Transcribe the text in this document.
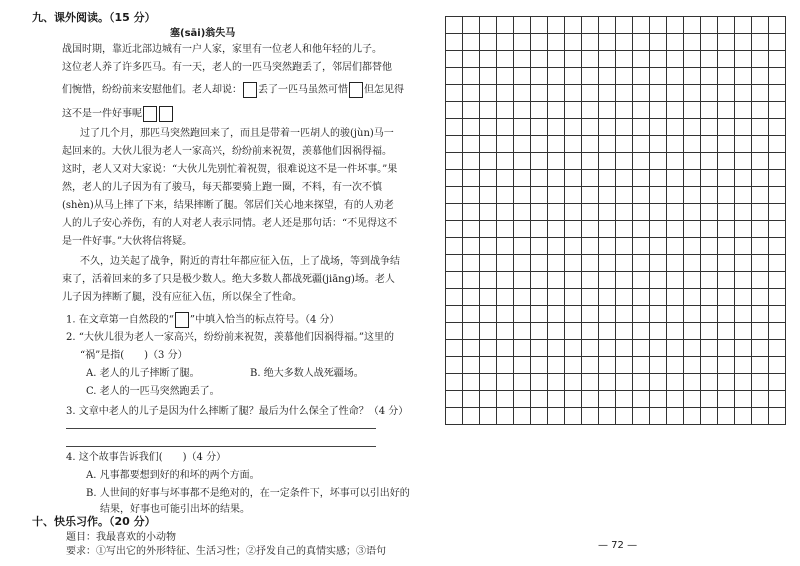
九、课外阅读。（15 分）
塞(sāi)翁失马
战国时期，靠近北部边城有一户人家，家里有一位老人和他年轻的儿子。
这位老人养了许多匹马。有一天，老人的一匹马突然跑丢了，邻居们都替他
们惋惜，纷纷前来安慰他们。老人却说： 丢了一匹马虽然可惜 但怎见得
这不是一件好事呢
过了几个月，那匹马突然跑回来了，而且是带着一匹胡人的骏(jùn)马一
起回来的。大伙儿很为老人一家高兴，纷纷前来祝贺，羡慕他们因祸得福。
这时，老人又对大家说：“大伙儿先别忙着祝贺，很难说这不是一件坏事。”果
然，老人的儿子因为有了骏马，每天都要骑上跑一圈，不料，有一次不慎
(shèn)从马上摔了下来，结果摔断了腿。邻居们关心地来探望，有的人劝老
人的儿子安心养伤，有的人对老人表示同情。老人还是那句话：“不见得这不
是一件好事。”大伙将信将疑。
不久，边关起了战争，附近的青壮年都应征入伍，上了战场，等到战争结
束了，活着回来的多了只是极少数人。绝大多数人都战死疆(jiāng)场。老人
儿子因为摔断了腿，没有应征入伍，所以保全了性命。
1. 在文章第一自然段的“ ”中填入恰当的标点符号。（4 分）
2. “大伙儿很为老人一家高兴，纷纷前来祝贺，羡慕他们因祸得福。”这里的
“祸”是指(　　)（3 分）
A. 老人的儿子摔断了腿。	B. 绝大多数人战死疆场。
C. 老人的一匹马突然跑丢了。
3. 文章中老人的儿子是因为什么摔断了腿？最后为什么保全了性命？（4 分）
4. 这个故事告诉我们(　　)（4 分）
A. 凡事都要想到好的和坏的两个方面。
B. 人世间的好事与坏事都不是绝对的，在一定条件下，坏事可以引出好的
结果，好事也可能引出坏的结果。
十、快乐习作。（20 分）
题目：我最喜欢的小动物
要求：①写出它的外形特征、生活习性；②抒发自己的真情实感；③语句

— 72 —
